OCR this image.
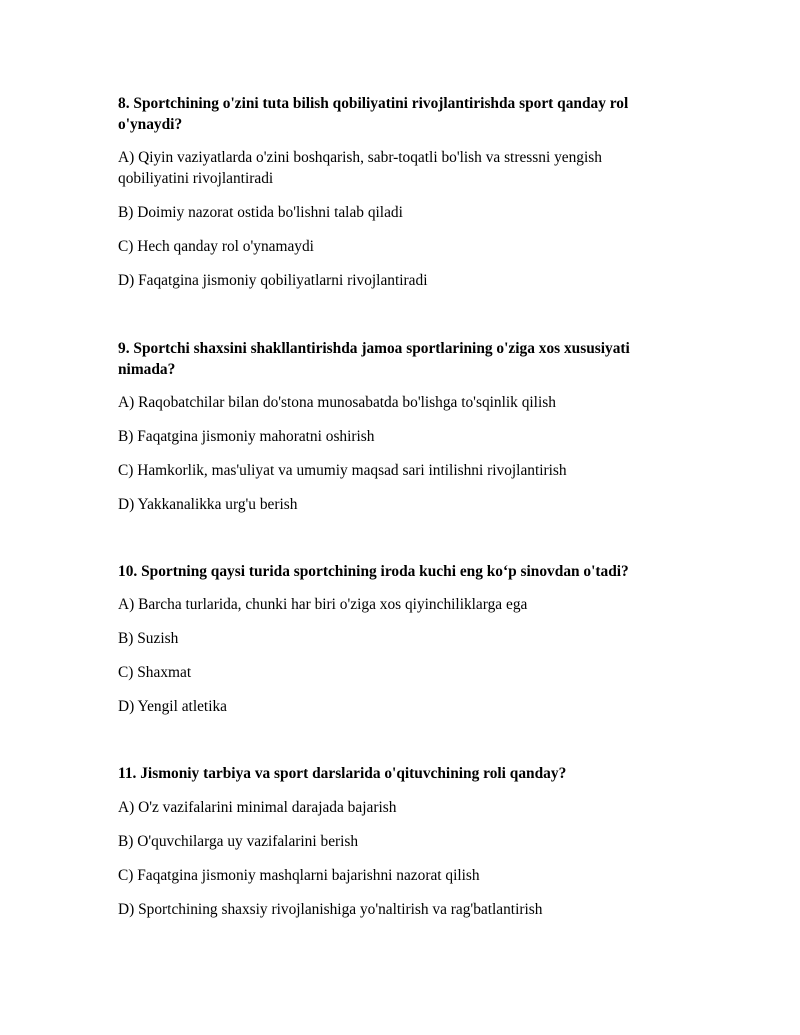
8. Sportchining o'zini tuta bilish qobiliyatini rivojlantirishda sport qanday rol o'ynaydi?

A) Qiyin vaziyatlarda o'zini boshqarish, sabr-toqatli bo'lish va stressni yengish qobiliyatini rivojlantiradi

B) Doimiy nazorat ostida bo'lishni talab qiladi

C) Hech qanday rol o'ynamaydi

D) Faqatgina jismoniy qobiliyatlarni rivojlantiradi

9. Sportchi shaxsini shakllantirishda jamoa sportlarining o'ziga xos xususiyati nimada?

A) Raqobatchilar bilan do'stona munosabatda bo'lishga to'sqinlik qilish

B) Faqatgina jismoniy mahoratni oshirish

C) Hamkorlik, mas'uliyat va umumiy maqsad sari intilishni rivojlantirish

D) Yakkanalikka urg'u berish

10. Sportning qaysi turida sportchining iroda kuchi eng ko‘p sinovdan o'tadi?

A) Barcha turlarida, chunki har biri o'ziga xos qiyinchiliklarga ega

B) Suzish

C) Shaxmat

D) Yengil atletika

11. Jismoniy tarbiya va sport darslarida o'qituvchining roli qanday?

A) O'z vazifalarini minimal darajada bajarish

B) O'quvchilarga uy vazifalarini berish

C) Faqatgina jismoniy mashqlarni bajarishni nazorat qilish

D) Sportchining shaxsiy rivojlanishiga yo'naltirish va rag'batlantirish
